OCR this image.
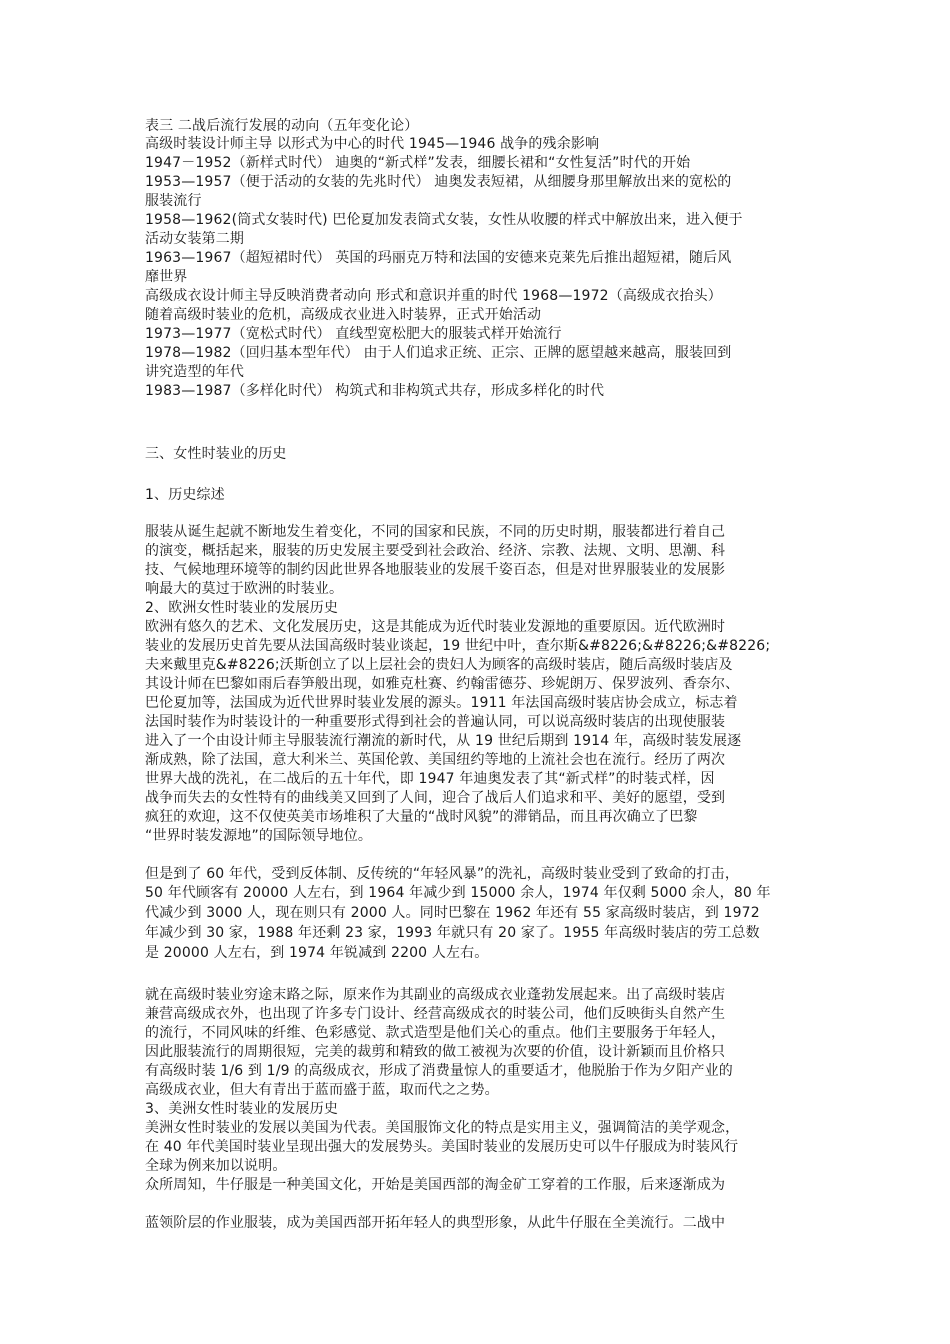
表三 二战后流行发展的动向（五年变化论）
高级时装设计师主导 以形式为中心的时代 1945—1946 战争的残余影响
1947－1952（新样式时代） 迪奥的“新式样”发表，细腰长裙和“女性复活”时代的开始
1953—1957（便于活动的女装的先兆时代） 迪奥发表短裙，从细腰身那里解放出来的宽松的
服装流行
1958—1962(筒式女装时代) 巴伦夏加发表筒式女装，女性从收腰的样式中解放出来，进入便于
活动女装第二期
1963—1967（超短裙时代） 英国的玛丽克万特和法国的安德来克莱先后推出超短裙，随后风
靡世界
高级成衣设计师主导反映消费者动向 形式和意识并重的时代 1968—1972（高级成衣抬头）
随着高级时装业的危机，高级成衣业进入时装界，正式开始活动
1973—1977（宽松式时代） 直线型宽松肥大的服装式样开始流行
1978—1982（回归基本型年代） 由于人们追求正统、正宗、正牌的愿望越来越高，服装回到
讲究造型的年代
1983—1987（多样化时代） 构筑式和非构筑式共存，形成多样化的时代
三、女性时装业的历史
1、历史综述
服装从诞生起就不断地发生着变化，不同的国家和民族，不同的历史时期，服装都进行着自己
的演变，概括起来，服装的历史发展主要受到社会政治、经济、宗教、法规、文明、思潮、科
技、气候地理环境等的制约因此世界各地服装业的发展千姿百态，但是对世界服装业的发展影
响最大的莫过于欧洲的时装业。
2、欧洲女性时装业的发展历史
欧洲有悠久的艺术、文化发展历史，这是其能成为近代时装业发源地的重要原因。近代欧洲时
装业的发展历史首先要从法国高级时装业谈起，19 世纪中叶，查尔斯&#8226;&#8226;&#8226;
夫来戴里克&#8226;沃斯创立了以上层社会的贵妇人为顾客的高级时装店，随后高级时装店及
其设计师在巴黎如雨后春笋般出现，如雅克杜赛、约翰雷德芬、珍妮朗万、保罗波列、香奈尔、
巴伦夏加等，法国成为近代世界时装业发展的源头。1911 年法国高级时装店协会成立，标志着
法国时装作为时装设计的一种重要形式得到社会的普遍认同，可以说高级时装店的出现使服装
进入了一个由设计师主导服装流行潮流的新时代，从 19 世纪后期到 1914 年，高级时装发展逐
渐成熟，除了法国，意大利米兰、英国伦敦、美国纽约等地的上流社会也在流行。经历了两次
世界大战的洗礼，在二战后的五十年代，即 1947 年迪奥发表了其“新式样”的时装式样，因
战争而失去的女性特有的曲线美又回到了人间，迎合了战后人们追求和平、美好的愿望，受到
疯狂的欢迎，这不仅使英美市场堆积了大量的“战时风貌”的滞销品，而且再次确立了巴黎
“世界时装发源地”的国际领导地位。
但是到了 60 年代，受到反体制、反传统的“年轻风暴”的洗礼，高级时装业受到了致命的打击，
50 年代顾客有 20000 人左右，到 1964 年减少到 15000 余人，1974 年仅剩 5000 余人，80 年
代减少到 3000 人，现在则只有 2000 人。同时巴黎在 1962 年还有 55 家高级时装店，到 1972
年减少到 30 家，1988 年还剩 23 家，1993 年就只有 20 家了。1955 年高级时装店的劳工总数
是 20000 人左右，到 1974 年锐减到 2200 人左右。
就在高级时装业穷途末路之际，原来作为其副业的高级成衣业蓬勃发展起来。出了高级时装店
兼营高级成衣外，也出现了许多专门设计、经营高级成衣的时装公司，他们反映街头自然产生
的流行，不同风味的纤维、色彩感觉、款式造型是他们关心的重点。他们主要服务于年轻人，
因此服装流行的周期很短，完美的裁剪和精致的做工被视为次要的价值，设计新颖而且价格只
有高级时装 1/6 到 1/9 的高级成衣，形成了消费量惊人的重要适才，他脱胎于作为夕阳产业的
高级成衣业，但大有青出于蓝而盛于蓝，取而代之之势。
3、美洲女性时装业的发展历史
美洲女性时装业的发展以美国为代表。美国服饰文化的特点是实用主义，强调简洁的美学观念，
在 40 年代美国时装业呈现出强大的发展势头。美国时装业的发展历史可以牛仔服成为时装风行
全球为例来加以说明。
众所周知，牛仔服是一种美国文化，开始是美国西部的淘金矿工穿着的工作服，后来逐渐成为
蓝领阶层的作业服装，成为美国西部开拓年轻人的典型形象，从此牛仔服在全美流行。二战中
